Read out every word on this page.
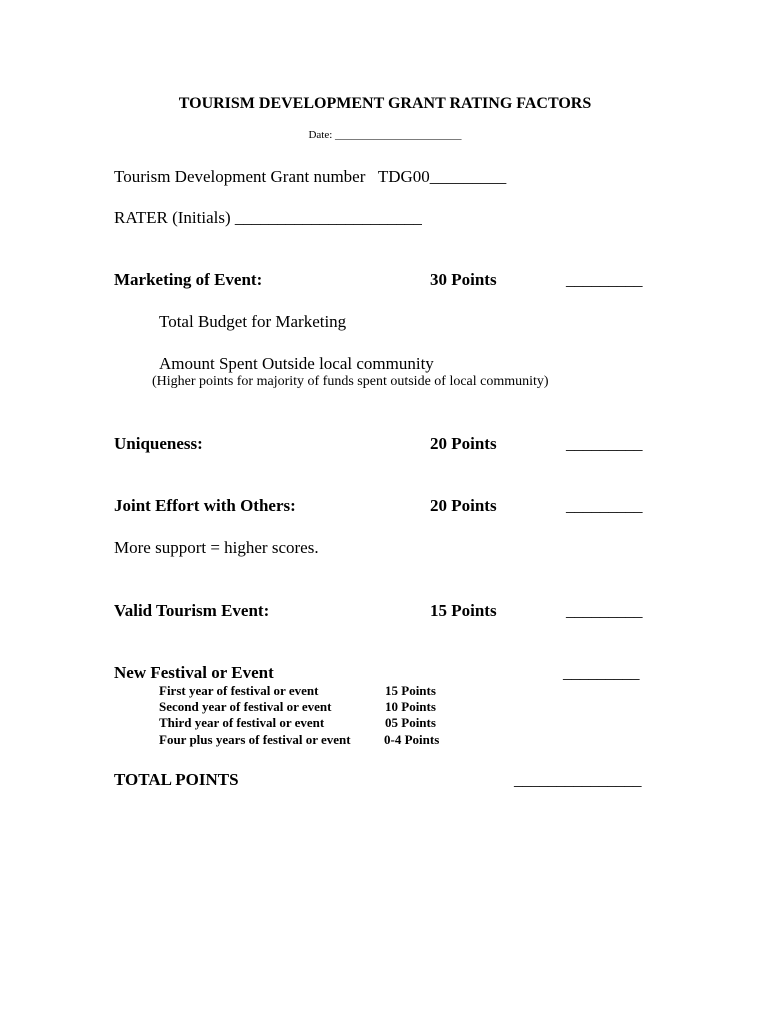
TOURISM DEVELOPMENT GRANT RATING FACTORS
Date: _______________________
Tourism Development Grant number TDG00_________
RATER (Initials) ______________________
Marketing of Event:	30 Points	_________
Total Budget for Marketing
Amount Spent Outside local community
(Higher points for majority of funds spent outside of local community)
Uniqueness:	20 Points	_________
Joint Effort with Others:	20 Points	_________
More support = higher scores.
Valid Tourism Event:	15 Points	_________
New Festival or Event	_________
First year of festival or event	15 Points
Second year of festival or event	10 Points
Third year of festival or event	05 Points
Four plus years of festival or event	0-4 Points
TOTAL POINTS	_______________
